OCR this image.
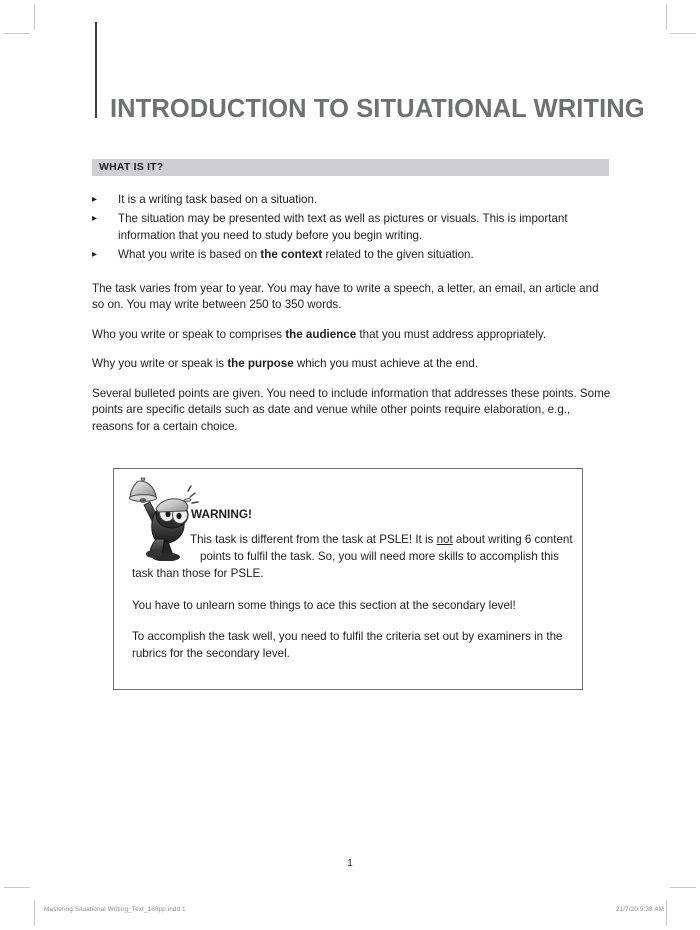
INTRODUCTION TO SITUATIONAL WRITING
WHAT IS IT?
▸	It is a writing task based on a situation.
▸	The situation may be presented with text as well as pictures or visuals. This is important information that you need to study before you begin writing.
▸	What you write is based on the context related to the given situation.

The task varies from year to year. You may have to write a speech, a letter, an email, an article and so on. You may write between 250 to 350 words.

Who you write or speak to comprises the audience that you must address appropriately.

Why you write or speak is the purpose which you must achieve at the end.

Several bulleted points are given. You need to include information that addresses these points. Some points are specific details such as date and venue while other points require elaboration, e.g., reasons for a certain choice.

WARNING!
This task is different from the task at PSLE! It is not about writing 6 content
points to fulfil the task. So, you will need more skills to accomplish this
task than those for PSLE.
You have to unlearn some things to ace this section at the secondary level!
To accomplish the task well, you need to fulfil the criteria set out by examiners in the rubrics for the secondary level.
1
Mastering Situational Writing_Text_160pp.indd 1	21/7/20 9:38 AM
